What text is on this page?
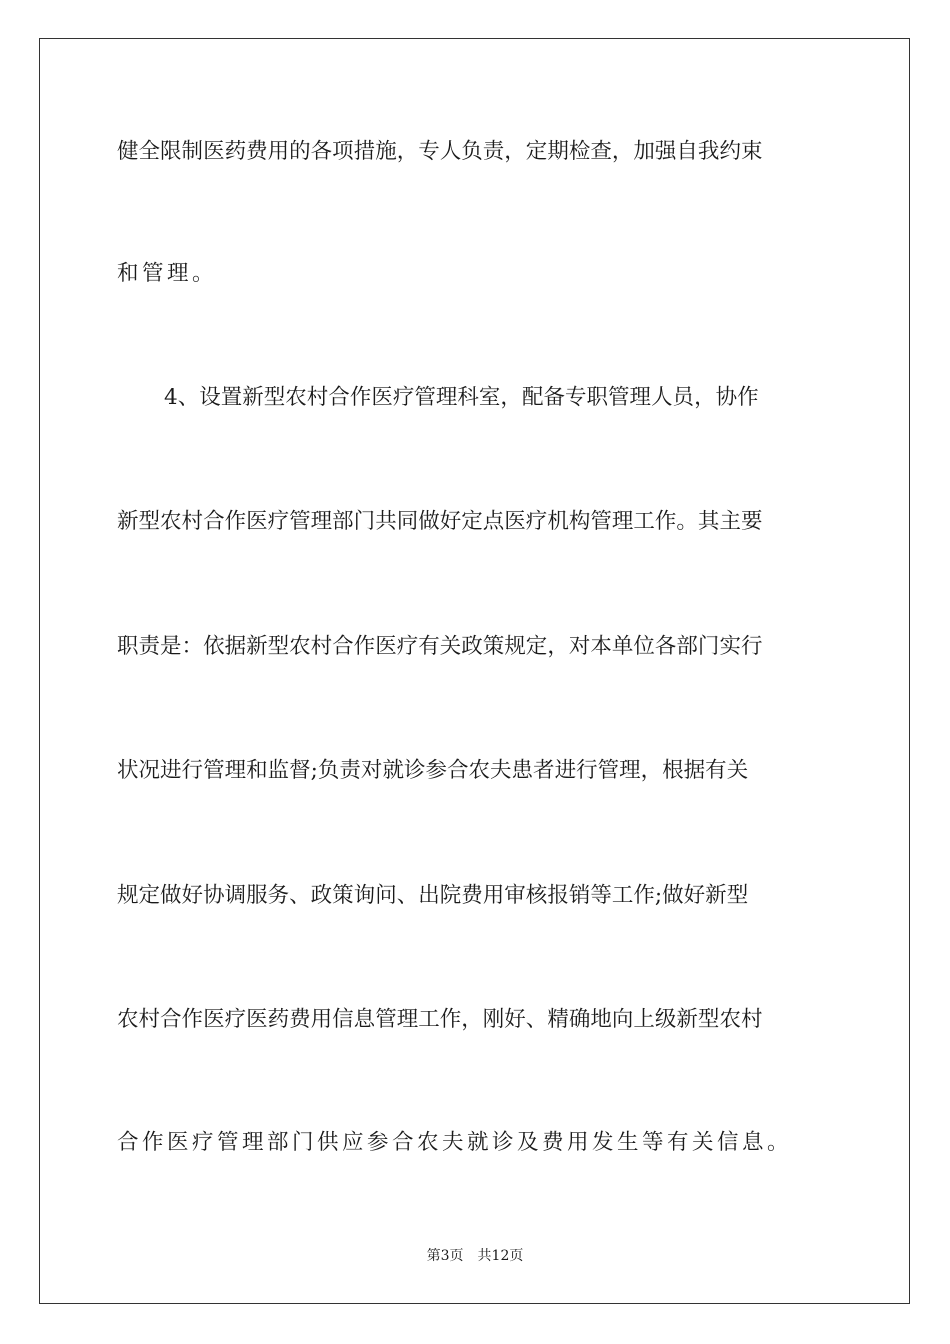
健全限制医药费用的各项措施，专人负责，定期检查，加强自我约束
和管理。
4、设置新型农村合作医疗管理科室，配备专职管理人员，协作
新型农村合作医疗管理部门共同做好定点医疗机构管理工作。其主要
职责是：依据新型农村合作医疗有关政策规定，对本单位各部门实行
状况进行管理和监督;负责对就诊参合农夫患者进行管理，根据有关
规定做好协调服务、政策询问、出院费用审核报销等工作;做好新型
农村合作医疗医药费用信息管理工作，刚好、精确地向上级新型农村
合作医疗管理部门供应参合农夫就诊及费用发生等有关信息。
第3页 共12页
